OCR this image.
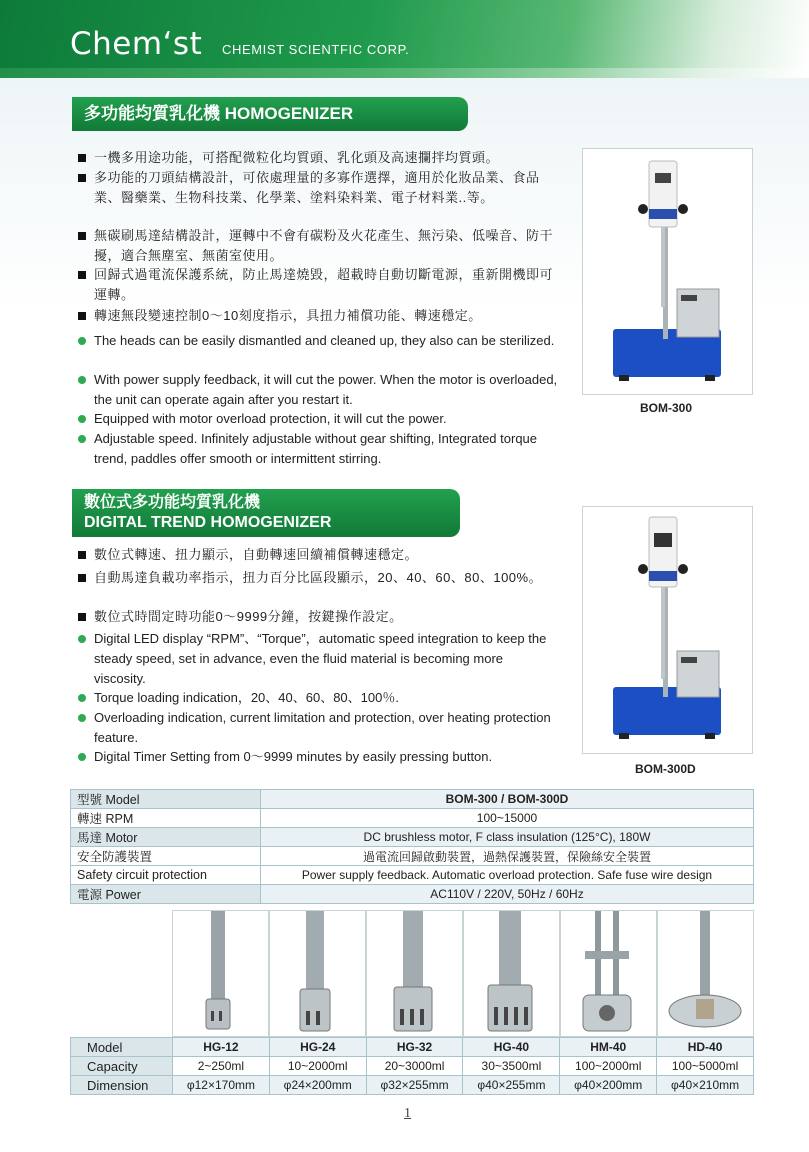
Chem‘st CHEMIST SCIENTFIC CORP.
多功能均質乳化機 HOMOGENIZER
一機多用途功能，可搭配微粒化均質頭、乳化頭及高速攔拌均質頭。
多功能的刀頭結構設計，可依處理量的多寡作選擇，適用於化妝品業、食品業、醫藥業、生物科技業、化學業、塗料染料業、電子材料業..等。
無碳刷馬達結構設計，運轉中不會有碳粉及火花產生、無污染、低噪音、防干擾，適合無塵室、無菌室使用。
回歸式過電流保護系統，防止馬達燒毀，超載時自動切斷電源，重新開機即可運轉。
轉速無段變速控制0～10刻度指示，具扭力補償功能、轉速穩定。
The heads can be easily dismantled and cleaned up, they also can be sterilized.
With power supply feedback, it will cut the power. When the motor is overloaded, the unit can operate again after you restart it.
Equipped with motor overload protection, it will cut the power.
Adjustable speed. Infinitely adjustable without gear shifting, Integrated torque trend, paddles offer smooth or intermittent stirring.
BOM-300
數位式多功能均質乳化機
DIGITAL TREND HOMOGENIZER
數位式轉速、扭力顯示，自動轉速回續補償轉速穩定。
自動馬達負載功率指示，扭力百分比區段顯示，20、40、60、80、100%。
數位式時間定時功能0～9999分鐘，按鍵操作設定。
Digital LED display “RPM”、“Torque”，automatic speed integration to keep the steady speed, set in advance, even the fluid material is becoming more viscosity.
Torque loading indication，20、40、60、80、100％.
Overloading indication, current limitation and protection, over heating protection feature.
Digital Timer Setting from 0～9999 minutes by easily pressing button.
BOM-300D
型號 Model	BOM-300 / BOM-300D
轉速 RPM	100~15000
馬達 Motor	DC brushless motor, F class insulation (125°C), 180W
安全防護裝置	過電流回歸啟動裝置，過熱保護裝置，保險絲安全裝置
Safety circuit protection	Power supply feedback. Automatic overload protection. Safe fuse wire design
電源 Power	AC110V / 220V, 50Hz / 60Hz
Model	HG-12	HG-24	HG-32	HG-40	HM-40	HD-40
Capacity	2~250ml	10~2000ml	20~3000ml	30~3500ml	100~2000ml	100~5000ml
Dimension	φ12×170mm	φ24×200mm	φ32×255mm	φ40×255mm	φ40×200mm	φ40×210mm
1
